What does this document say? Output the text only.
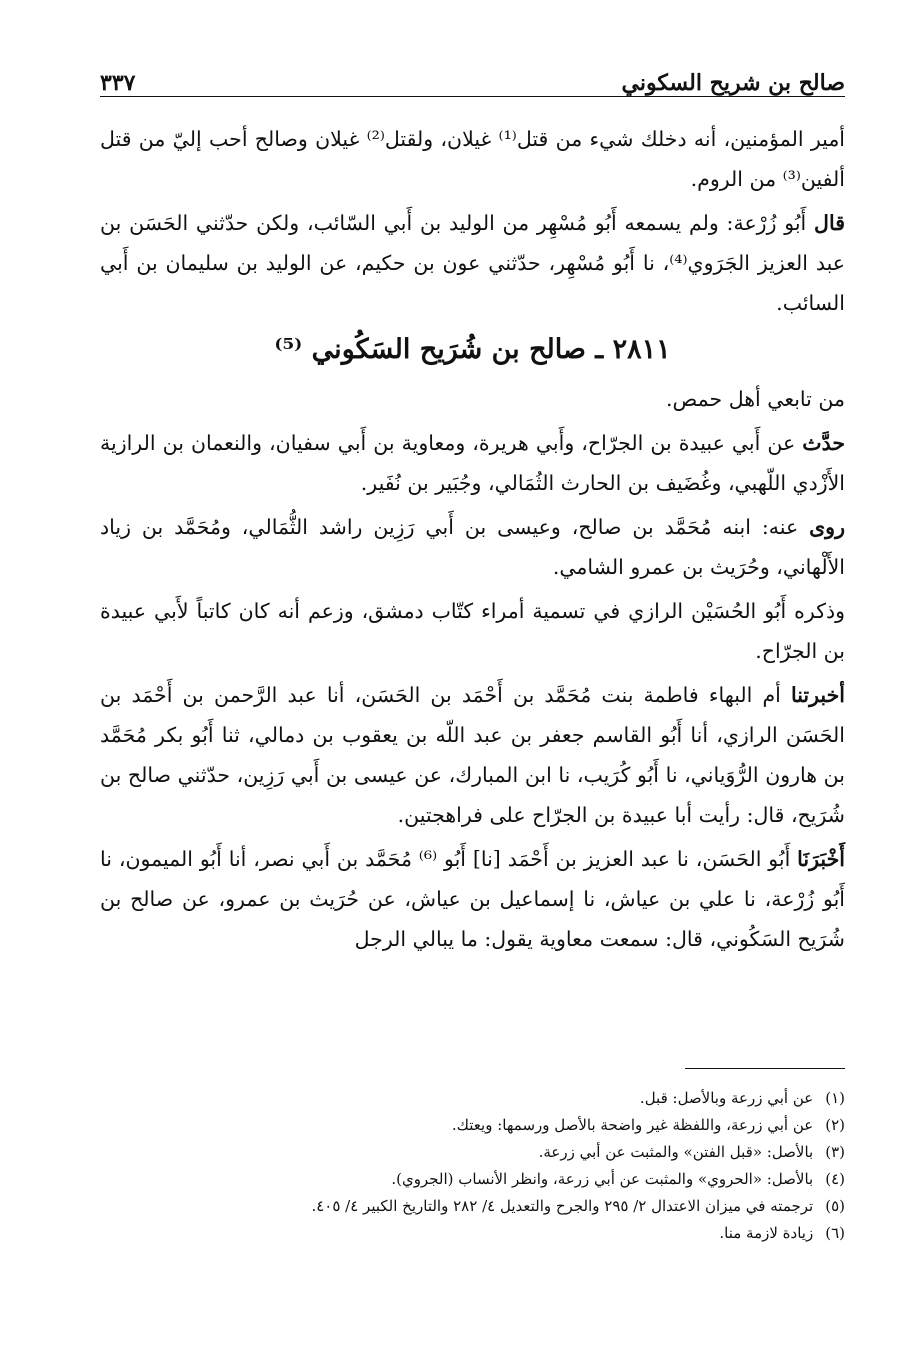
صالح بن شريح السكوني
٣٣٧

أمير المؤمنين، أنه دخلك شيء من قتل⁽¹⁾ غيلان، ولقتل⁽²⁾ غيلان وصالح أحب إليّ من قتل ألفين⁽³⁾ من الروم.

قال أَبُو زُرْعة: ولم يسمعه أَبُو مُسْهِر من الوليد بن أَبي السّائب، ولكن حدّثني الحَسَن بن عبد العزيز الجَرَوي⁽⁴⁾، نا أَبُو مُسْهِر، حدّثني عون بن حكيم، عن الوليد بن سليمان بن أَبي السائب.

٢٨١١ ـ صالح بن شُرَيح السَكُوني ⁽⁵⁾

من تابعي أهل حمص.

حدَّث عن أَبي عبيدة بن الجرّاح، وأَبي هريرة، ومعاوية بن أَبي سفيان، والنعمان بن الرازية الأَزْدي اللّهبي، وغُضَيف بن الحارث الثُمَالي، وجُبَير بن نُفَير.

روى عنه: ابنه مُحَمَّد بن صالح، وعيسى بن أَبي رَزِين راشد الثُّمَالي، ومُحَمَّد بن زياد الأَلْهاني، وحُرَيث بن عمرو الشامي.

وذكره أَبُو الحُسَيْن الرازي في تسمية أمراء كتّاب دمشق، وزعم أنه كان كاتباً لأَبي عبيدة بن الجرّاح.

أخبرتنا أم البهاء فاطمة بنت مُحَمَّد بن أَحْمَد بن الحَسَن، أنا عبد الرَّحمن بن أَحْمَد بن الحَسَن الرازي، أنا أَبُو القاسم جعفر بن عبد اللّه بن يعقوب بن دمالي، ثنا أَبُو بكر مُحَمَّد بن هارون الرُّوَياني، نا أَبُو كُرَيب، نا ابن المبارك، عن عيسى بن أَبي رَزِين، حدّثني صالح بن شُرَيح، قال: رأيت أبا عبيدة بن الجرّاح على فراهجتين.

أَخْبَرَنَا أَبُو الحَسَن، نا عبد العزيز بن أَحْمَد [نا] أَبُو ⁽⁶⁾ مُحَمَّد بن أَبي نصر، أنا أَبُو الميمون، نا أَبُو زُرْعة، نا علي بن عياش، نا إسماعيل بن عياش، عن حُرَيث بن عمرو، عن صالح بن شُرَيح السَكُوني، قال: سمعت معاوية يقول: ما يبالي الرجل

(١)
عن أبي زرعة وبالأصل: قبل.
(٢)
عن أبي زرعة، واللفظة غير واضحة بالأصل ورسمها: ويعتك.
(٣)
بالأصل: «قبل الفتن» والمثبت عن أبي زرعة.
(٤)
بالأصل: «الحروي» والمثبت عن أبي زرعة، وانظر الأنساب (الجروي).
(٥)
ترجمته في ميزان الاعتدال ٢/ ٢٩٥ والجرح والتعديل ٤/ ٢٨٢ والتاريخ الكبير ٤/ ٤٠٥.
(٦)
زيادة لازمة منا.
